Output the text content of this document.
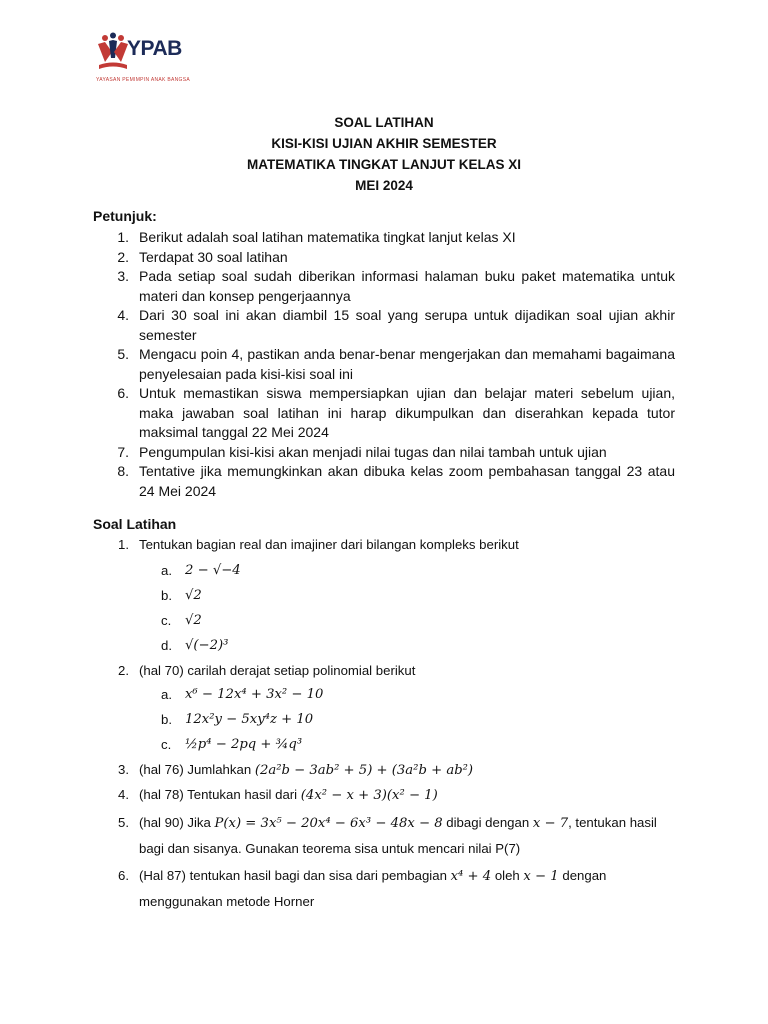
YPAB
YAYASAN PEMIMPIN ANAK BANGSA
SOAL LATIHAN
KISI-KISI UJIAN AKHIR SEMESTER
MATEMATIKA TINGKAT LANJUT KELAS XI
MEI 2024
Petunjuk:
1. Berikut adalah soal latihan matematika tingkat lanjut kelas XI
2. Terdapat 30 soal latihan
3. Pada setiap soal sudah diberikan informasi halaman buku paket matematika untuk materi dan konsep pengerjaannya
4. Dari 30 soal ini akan diambil 15 soal yang serupa untuk dijadikan soal ujian akhir semester
5. Mengacu poin 4, pastikan anda benar-benar mengerjakan dan memahami bagaimana penyelesaian pada kisi-kisi soal ini
6. Untuk memastikan siswa mempersiapkan ujian dan belajar materi sebelum ujian, maka jawaban soal latihan ini harap dikumpulkan dan diserahkan kepada tutor maksimal tanggal 22 Mei 2024
7. Pengumpulan kisi-kisi akan menjadi nilai tugas dan nilai tambah untuk ujian
8. Tentative jika memungkinkan akan dibuka kelas zoom pembahasan tanggal 23 atau 24 Mei 2024
Soal Latihan
1. Tentukan bagian real dan imajiner dari bilangan kompleks berikut
a. 2 − √−4
b. √2
c.	√2
d. √(−2)³
2. (hal 70) carilah derajat setiap polinomial berikut
a. x⁶ − 12x⁴ + 3x² − 10
b. 12x²y − 5xy⁴z + 10
c.	½p⁴ − 2pq + ¾q³
3. (hal 76) Jumlahkan (2a²b − 3ab² + 5) + (3a²b + ab²)
4. (hal 78) Tentukan hasil dari (4x² − x + 3)(x² − 1)
5. (hal 90) Jika P(x) = 3x⁵ − 20x⁴ − 6x³ − 48x − 8 dibagi dengan x − 7, tentukan hasil bagi dan sisanya. Gunakan teorema sisa untuk mencari nilai P(7)
6. (Hal 87) tentukan hasil bagi dan sisa dari pembagian x⁴ + 4 oleh x − 1 dengan menggunakan metode Horner
